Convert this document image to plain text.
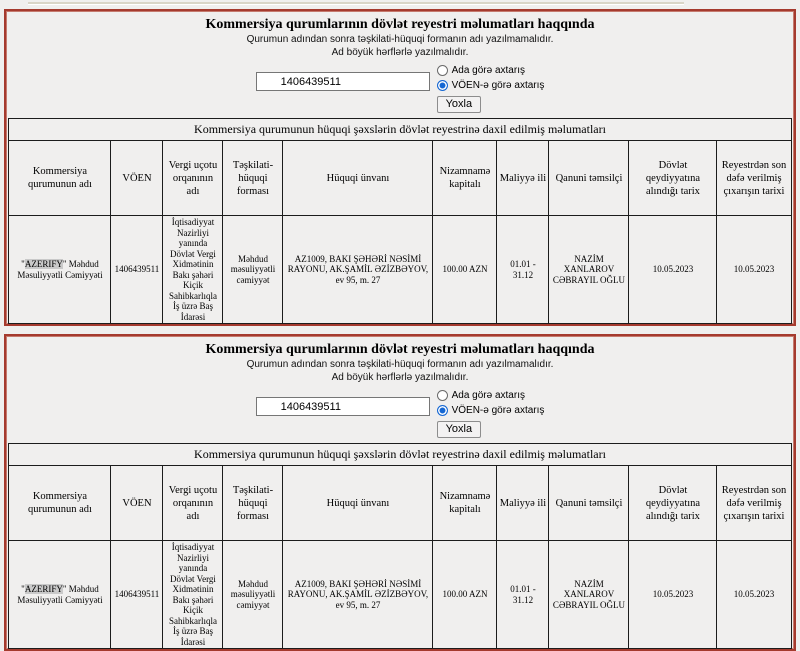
Kommersiya qurumlarının dövlət reyestri məlumatları haqqında

Qurumun adından sonra təşkilati-hüquqi formanın adı yazılmamalıdır.

Ad böyük hərflərlə yazılmalıdır.

1406439511
Ada görə axtarış
VÖEN-ə görə axtarış
Yoxla
Kommersiya qurumunun hüquqi şəxslərin dövlət reyestrinə daxil edilmiş məlumatları									
Kommersiya qurumunun adı	VÖEN	Vergi uçotu orqanının adı	Təşkilati-hüquqi forması	Hüquqi ünvanı	Nizamnamə kapitalı	Maliyyə ili	Qanuni təmsilçi	Dövlət qeydiyyatına alındığı tarix	Reyestrdən son dəfə verilmiş çıxarışın tarixi
"AZERIFY" Məhdud Məsuliyyətli Cəmiyyəti	1406439511	İqtisadiyyat Nazirliyi yanında Dövlət Vergi Xidmətinin Bakı şəhəri Kiçik Sahibkarlıqla İş üzrə Baş İdarəsi	Məhdud məsuliyyətli cəmiyyət	AZ1009, BAKI ŞƏHƏRİ NƏSİMİ RAYONU, AK.ŞAMİL ƏZİZBƏYOV, ev 95, m. 27	100.00 AZN	01.01 - 31.12	NAZİM XANLAROV CƏBRAYIL OĞLU	10.05.2023	10.05.2023

Kommersiya qurumlarının dövlət reyestri məlumatları haqqında

Qurumun adından sonra təşkilati-hüquqi formanın adı yazılmamalıdır.

Ad böyük hərflərlə yazılmalıdır.

1406439511
Ada görə axtarış
VÖEN-ə görə axtarış
Yoxla
Kommersiya qurumunun hüquqi şəxslərin dövlət reyestrinə daxil edilmiş məlumatları									
Kommersiya qurumunun adı	VÖEN	Vergi uçotu orqanının adı	Təşkilati-hüquqi forması	Hüquqi ünvanı	Nizamnamə kapitalı	Maliyyə ili	Qanuni təmsilçi	Dövlət qeydiyyatına alındığı tarix	Reyestrdən son dəfə verilmiş çıxarışın tarixi
"AZERIFY" Məhdud Məsuliyyətli Cəmiyyəti	1406439511	İqtisadiyyat Nazirliyi yanında Dövlət Vergi Xidmətinin Bakı şəhəri Kiçik Sahibkarlıqla İş üzrə Baş İdarəsi	Məhdud məsuliyyətli cəmiyyət	AZ1009, BAKI ŞƏHƏRİ NƏSİMİ RAYONU, AK.ŞAMİL ƏZİZBƏYOV, ev 95, m. 27	100.00 AZN	01.01 - 31.12	NAZİM XANLAROV CƏBRAYIL OĞLU	10.05.2023	10.05.2023
